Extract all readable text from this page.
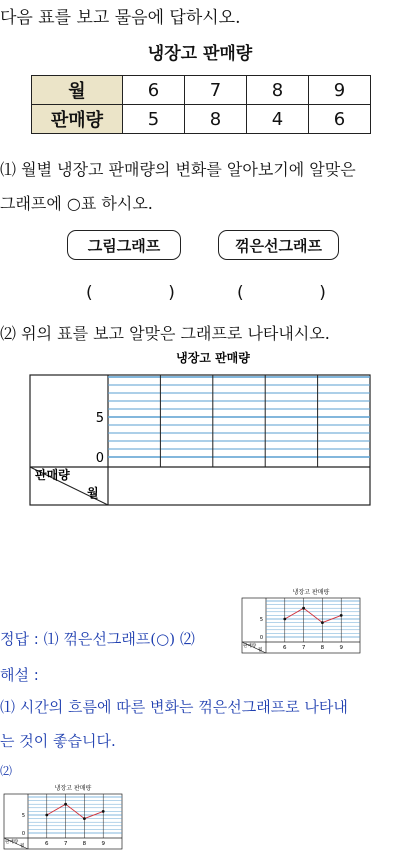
다음 표를 보고 물음에 답하시오.
냉장고 판매량
월	6	7	8	9
판매량	5	8	4	6
⑴ 월별 냉장고 판매량의 변화를 알아보기에 알맞은
그래프에 ○표 하시오.
그림그래프	꺾은선그래프
(              )	(              )
⑵ 위의 표를 보고 알맞은 그래프로 나타내시오.
냉장고 판매량
5
0
판매량
월
정답 : ⑴ 꺾은선그래프(○) ⑵
냉장고 판매량
5
0
판매량
월	6	7	8	9
해설 :
⑴ 시간의 흐름에 따른 변화는 꺾은선그래프로 나타내
는 것이 좋습니다.
⑵
냉장고 판매량
5
0
판매량
월	6	7	8	9
